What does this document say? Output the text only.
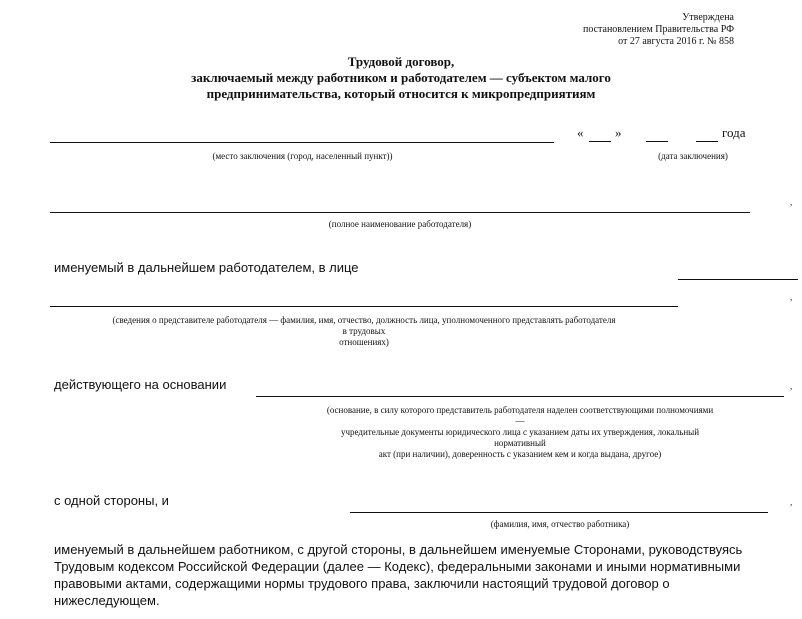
Утверждена
постановлением Правительства РФ
от 27 августа 2016 г. № 858
Трудовой договор,
заключаемый между работником и работодателем — субъектом малого
предпринимательства, который относится к микропредприятиям
« »	года
(место заключения (город, населенный пункт))	(дата заключения)
,
(полное наименование работодателя)
именуемый в дальнейшем работодателем, в лице
,
(сведения о представителе работодателя — фамилия, имя, отчество, должность лица, уполномоченного представлять работодателя
в трудовых
отношениях)
действующего на основании	,
(основание, в силу которого представитель работодателя наделен соответствующими полномочиями
—
учредительные документы юридического лица с указанием даты их утверждения, локальный
нормативный
акт (при наличии), доверенность с указанием кем и когда выдана, другое)
с одной стороны, и	,
(фамилия, имя, отчество работника)
именуемый в дальнейшем работником, с другой стороны, в дальнейшем именуемые Сторонами, руководствуясь Трудовым кодексом Российской Федерации (далее — Кодекс), федеральными законами и иными нормативными правовыми актами, содержащими нормы трудового права, заключили настоящий трудовой договор о нижеследующем.
